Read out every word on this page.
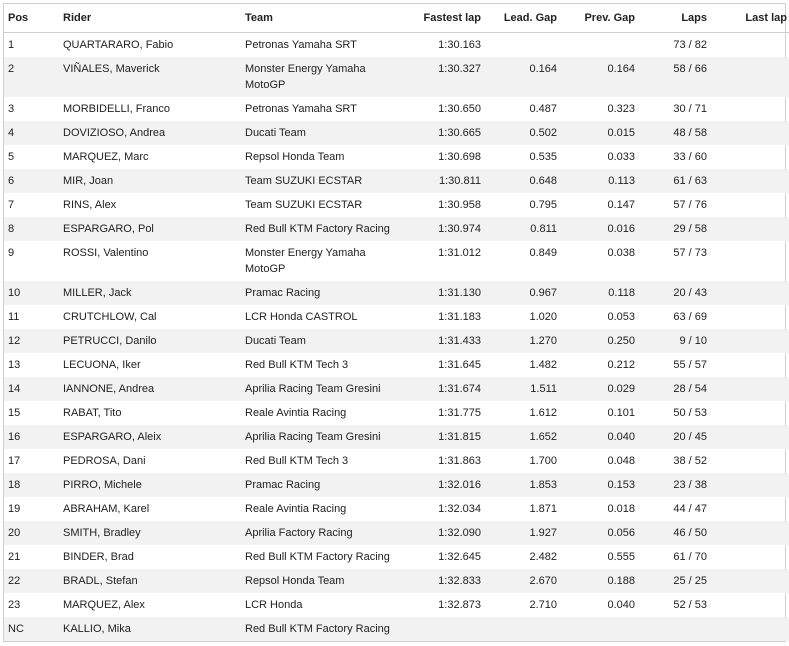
Pos	Rider	Team	Fastest lap	Lead. Gap	Prev. Gap	Laps	Last lap

1	QUARTARARO, Fabio	Petronas Yamaha SRT	1:30.163			73 / 82	

2	VIÑALES, Maverick	Monster Energy Yamaha MotoGP	1:30.327	0.164	0.164	58 / 66	

3	MORBIDELLI, Franco	Petronas Yamaha SRT	1:30.650	0.487	0.323	30 / 71	

4	DOVIZIOSO, Andrea	Ducati Team	1:30.665	0.502	0.015	48 / 58	

5	MARQUEZ, Marc	Repsol Honda Team	1:30.698	0.535	0.033	33 / 60	

6	MIR, Joan	Team SUZUKI ECSTAR	1:30.811	0.648	0.113	61 / 63	

7	RINS, Alex	Team SUZUKI ECSTAR	1:30.958	0.795	0.147	57 / 76	

8	ESPARGARO, Pol	Red Bull KTM Factory Racing	1:30.974	0.811	0.016	29 / 58	

9	ROSSI, Valentino	Monster Energy Yamaha MotoGP	1:31.012	0.849	0.038	57 / 73	

10	MILLER, Jack	Pramac Racing	1:31.130	0.967	0.118	20 / 43	

11	CRUTCHLOW, Cal	LCR Honda CASTROL	1:31.183	1.020	0.053	63 / 69	

12	PETRUCCI, Danilo	Ducati Team	1:31.433	1.270	0.250	9 / 10	

13	LECUONA, Iker	Red Bull KTM Tech 3	1:31.645	1.482	0.212	55 / 57	

14	IANNONE, Andrea	Aprilia Racing Team Gresini	1:31.674	1.511	0.029	28 / 54	

15	RABAT, Tito	Reale Avintia Racing	1:31.775	1.612	0.101	50 / 53	

16	ESPARGARO, Aleix	Aprilia Racing Team Gresini	1:31.815	1.652	0.040	20 / 45	

17	PEDROSA, Dani	Red Bull KTM Tech 3	1:31.863	1.700	0.048	38 / 52	

18	PIRRO, Michele	Pramac Racing	1:32.016	1.853	0.153	23 / 38	

19	ABRAHAM, Karel	Reale Avintia Racing	1:32.034	1.871	0.018	44 / 47	

20	SMITH, Bradley	Aprilia Factory Racing	1:32.090	1.927	0.056	46 / 50	

21	BINDER, Brad	Red Bull KTM Factory Racing	1:32.645	2.482	0.555	61 / 70	

22	BRADL, Stefan	Repsol Honda Team	1:32.833	2.670	0.188	25 / 25	

23	MARQUEZ, Alex	LCR Honda	1:32.873	2.710	0.040	52 / 53	

NC	KALLIO, Mika	Red Bull KTM Factory Racing					
